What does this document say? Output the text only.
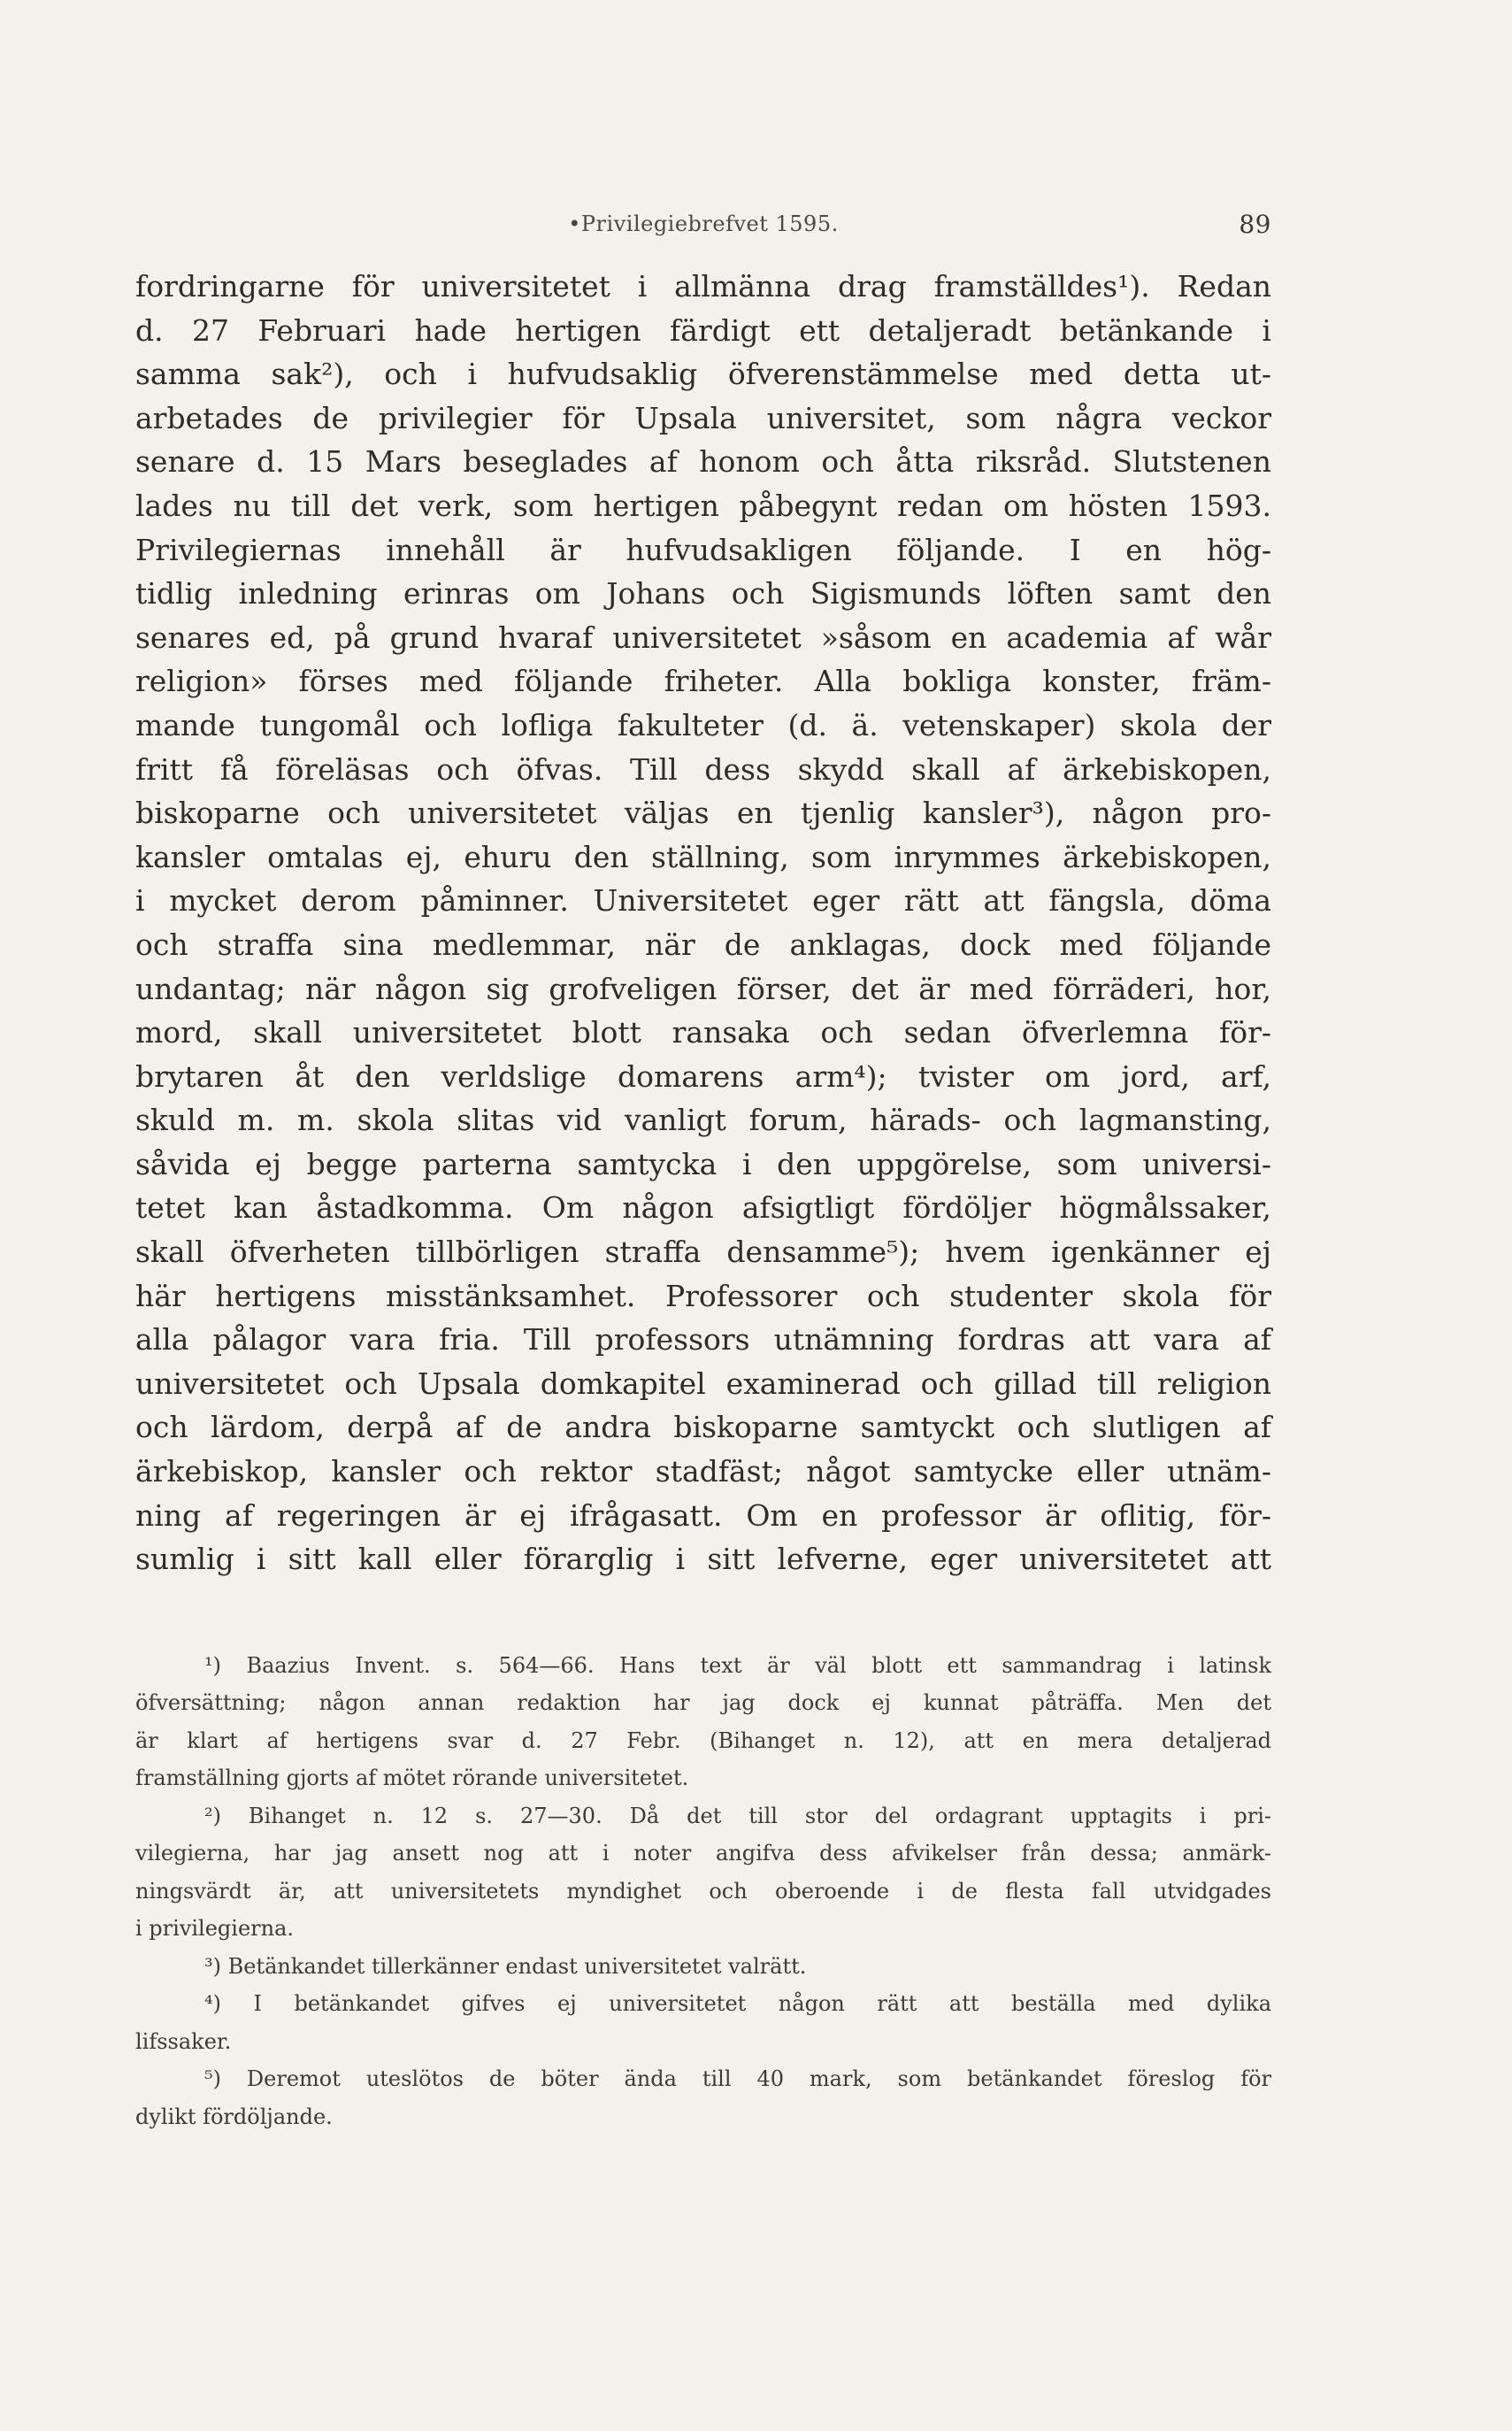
•Privilegiebrefvet 1595.	89
fordringarne för universitetet i allmänna drag framställdes¹). Redan
d. 27 Februari hade hertigen färdigt ett detaljeradt betänkande i
samma sak²), och i hufvudsaklig öfverenstämmelse med detta ut-
arbetades de privilegier för Upsala universitet, som några veckor
senare d. 15 Mars beseglades af honom och åtta riksråd. Slutstenen
lades nu till det verk, som hertigen påbegynt redan om hösten 1593.
Privilegiernas innehåll är hufvudsakligen följande. I en hög-
tidlig inledning erinras om Johans och Sigismunds löften samt den
senares ed, på grund hvaraf universitetet »såsom en academia af wår
religion» förses med följande friheter. Alla bokliga konster, främ-
mande tungomål och lofliga fakulteter (d. ä. vetenskaper) skola der
fritt få föreläsas och öfvas. Till dess skydd skall af ärkebiskopen,
biskoparne och universitetet väljas en tjenlig kansler³), någon pro-
kansler omtalas ej, ehuru den ställning, som inrymmes ärkebiskopen,
i mycket derom påminner. Universitetet eger rätt att fängsla, döma
och straffa sina medlemmar, när de anklagas, dock med följande
undantag; när någon sig grofveligen förser, det är med förräderi, hor,
mord, skall universitetet blott ransaka och sedan öfverlemna för-
brytaren åt den verldslige domarens arm⁴); tvister om jord, arf,
skuld m. m. skola slitas vid vanligt forum, härads- och lagmansting,
såvida ej begge parterna samtycka i den uppgörelse, som universi-
tetet kan åstadkomma. Om någon afsigtligt fördöljer högmålssaker,
skall öfverheten tillbörligen straffa densamme⁵); hvem igenkänner ej
här hertigens misstänksamhet. Professorer och studenter skola för
alla pålagor vara fria. Till professors utnämning fordras att vara af
universitetet och Upsala domkapitel examinerad och gillad till religion
och lärdom, derpå af de andra biskoparne samtyckt och slutligen af
ärkebiskop, kansler och rektor stadfäst; något samtycke eller utnäm-
ning af regeringen är ej ifrågasatt. Om en professor är oflitig, för-
sumlig i sitt kall eller förarglig i sitt lefverne, eger universitetet att
¹) Baazius Invent. s. 564—66. Hans text är väl blott ett sammandrag i latinsk
öfversättning; någon annan redaktion har jag dock ej kunnat påträffa. Men det
är klart af hertigens svar d. 27 Febr. (Bihanget n. 12), att en mera detaljerad
framställning gjorts af mötet rörande universitetet.
²) Bihanget n. 12 s. 27—30. Då det till stor del ordagrant upptagits i pri-
vilegierna, har jag ansett nog att i noter angifva dess afvikelser från dessa; anmärk-
ningsvärdt är, att universitetets myndighet och oberoende i de flesta fall utvidgades
i privilegierna.
³) Betänkandet tillerkänner endast universitetet valrätt.
⁴) I betänkandet gifves ej universitetet någon rätt att beställa med dylika
lifssaker.
⁵) Deremot uteslötos de böter ända till 40 mark, som betänkandet föreslog för
dylikt fördöljande.
